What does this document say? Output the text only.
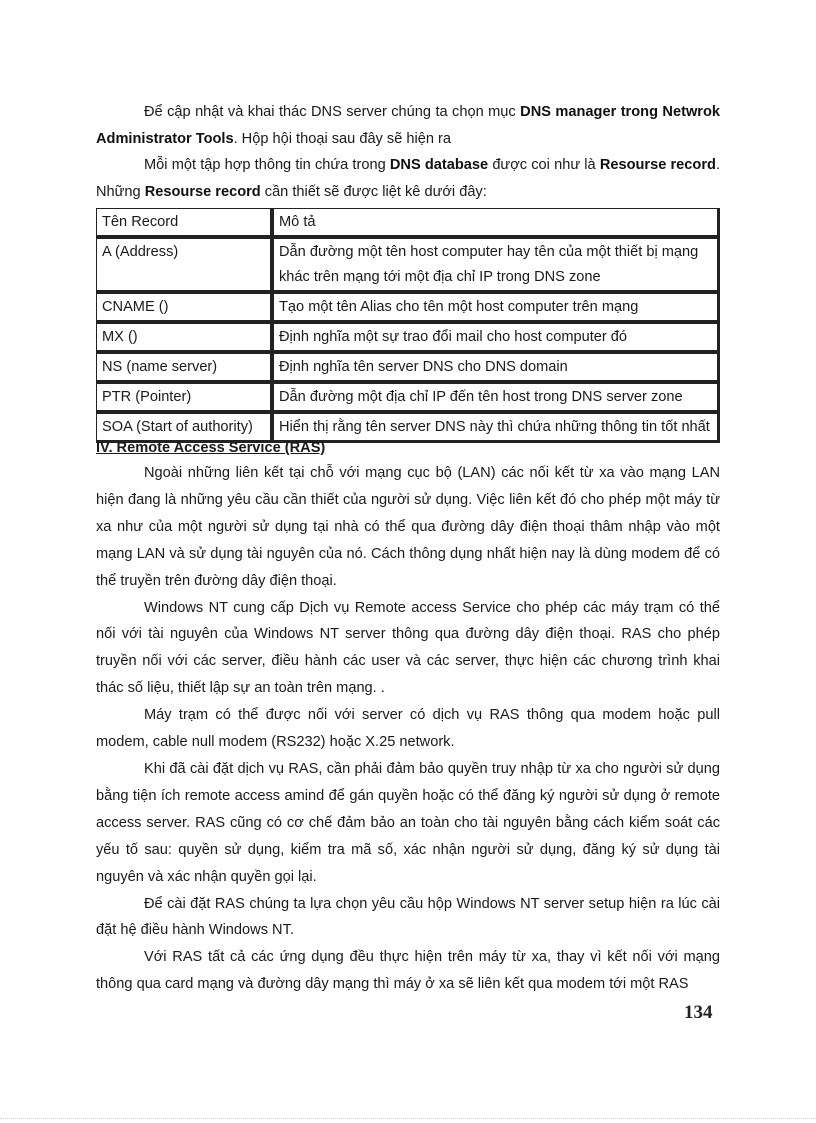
Để cập nhật và khai thác DNS server chúng ta chọn mục DNS manager trong Netwrok Administrator Tools. Hộp hội thoại sau đây sẽ hiện ra

Mỗi một tập hợp thông tin chứa trong DNS database được coi như là Resourse record. Những Resourse record cần thiết sẽ được liệt kê dưới đây:

Tên Record	Mô tả
A (Address)	Dẫn đường một tên host computer hay tên của một thiết bị mạng khác trên mạng tới một địa chỉ IP trong DNS zone
CNAME ()	Tạo một tên Alias cho tên một host computer trên mạng
MX ()	Định nghĩa một sự trao đổi mail cho host computer đó
NS (name server)	Định nghĩa tên server DNS cho DNS domain
PTR (Pointer)	Dẫn đường một địa chỉ IP đến tên host trong DNS server zone
SOA (Start of authority)	Hiển thị rằng tên server DNS này thì chứa những thông tin tốt nhất
IV. Remote Access Service (RAS)

Ngoài những liên kết tại chỗ với mạng cục bộ (LAN) các nối kết từ xa vào mạng LAN hiện đang là những yêu cầu cần thiết của người sử dụng. Việc liên kết đó cho phép một máy từ xa như của một người sử dụng tại nhà có thể qua đường dây điện thoại thâm nhập vào một mạng LAN và sử dụng tài nguyên của nó. Cách thông dụng nhất hiện nay là dùng modem để có thể truyền trên đường dây điện thoại.

Windows NT cung cấp Dịch vụ Remote access Service cho phép các máy trạm có thể nối với tài nguyên của Windows NT server thông qua đường dây điện thoại. RAS cho phép truyền nối với các server, điều hành các user và các server, thực hiện các chương trình khai thác số liệu, thiết lập sự an toàn trên mạng. .

Máy trạm có thể được nối với server có dịch vụ RAS thông qua modem hoặc pull modem, cable null modem (RS232) hoặc X.25 network.

Khi đã cài đặt dịch vụ RAS, cần phải đảm bảo quyền truy nhập từ xa cho người sử dụng bằng tiện ích remote access amind để gán quyền hoặc có thể đăng ký người sử dụng ở remote access server. RAS cũng có cơ chế đảm bảo an toàn cho tài nguyên bằng cách kiểm soát các yếu tố sau: quyền sử dụng, kiểm tra mã số, xác nhận người sử dụng, đăng ký sử dụng tài nguyên và xác nhận quyền gọi lại.

Để cài đặt RAS chúng ta lựa chọn yêu cầu hộp Windows NT server setup hiện ra lúc cài đặt hệ điều hành Windows NT.

Với RAS tất cả các ứng dụng đều thực hiện trên máy từ xa, thay vì kết nối với mạng thông qua card mạng và đường dây mạng thì máy ở xa sẽ liên kết qua modem tới một RAS

134
